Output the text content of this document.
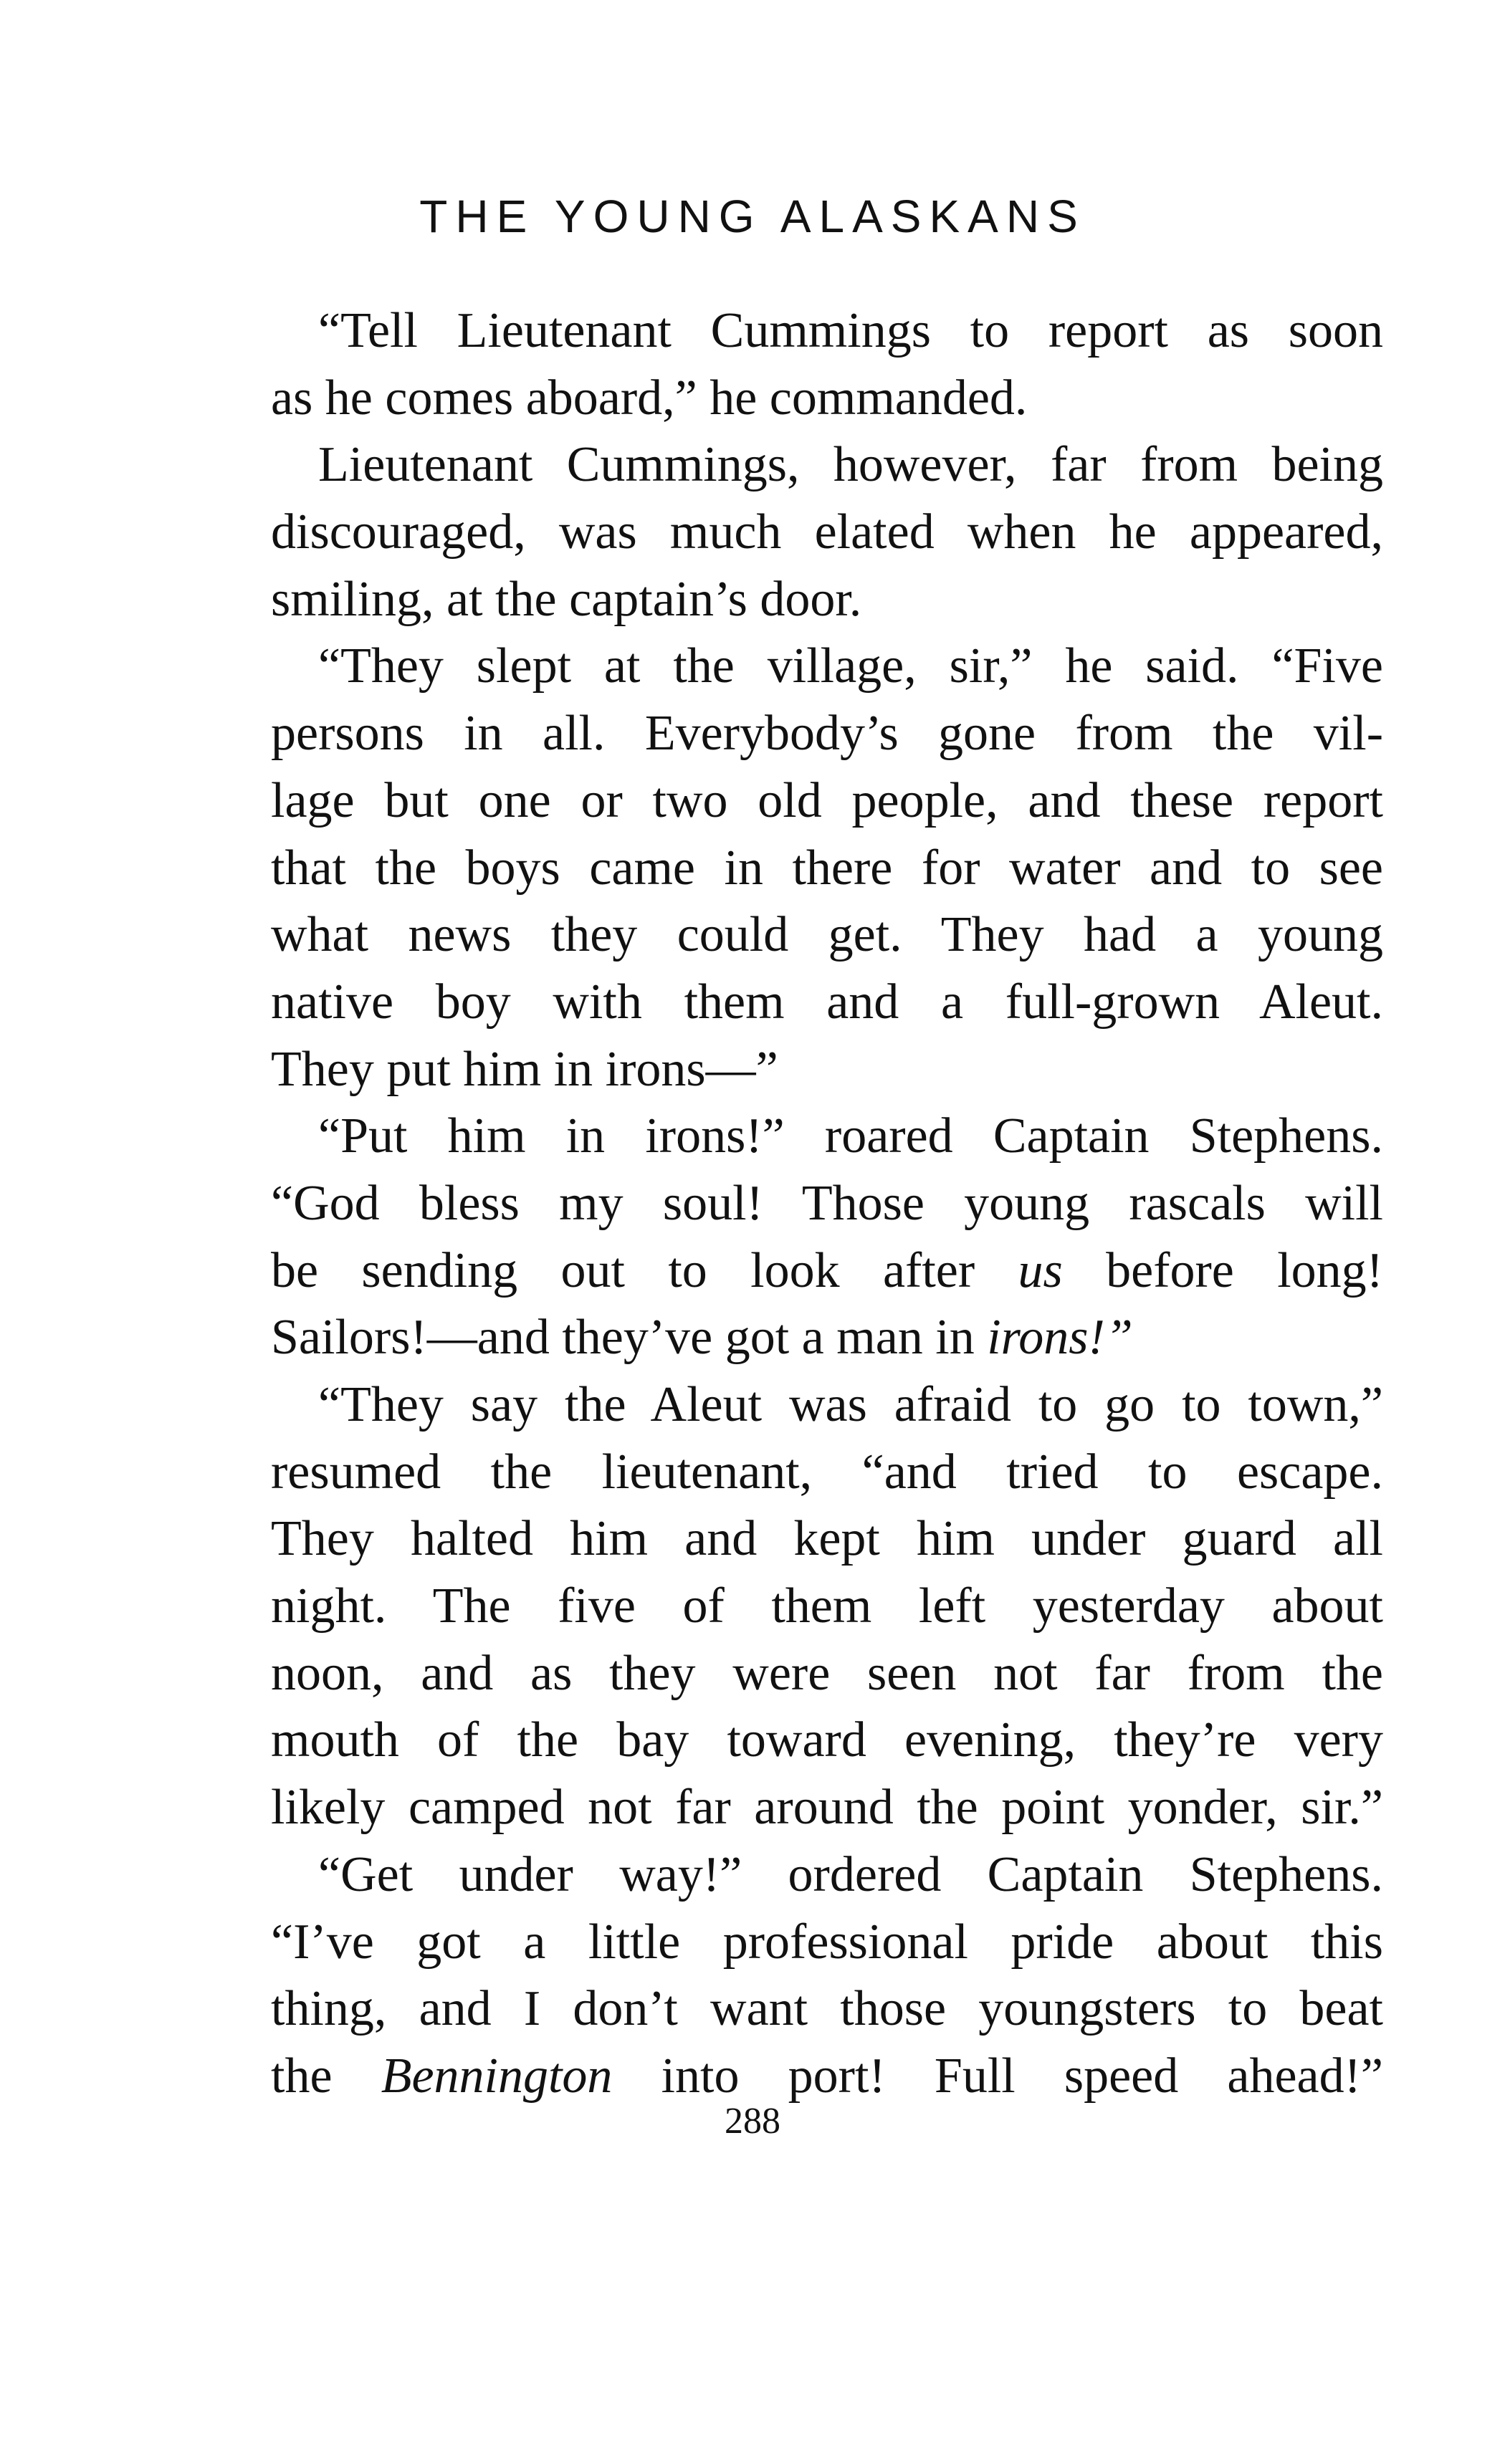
THE YOUNG ALASKANS
“Tell Lieutenant Cummings to report as soon
as he comes aboard,” he commanded.
Lieutenant Cummings, however, far from being
discouraged, was much elated when he appeared,
smiling, at the captain’s door.
“They slept at the village, sir,” he said. “Five
persons in all. Everybody’s gone from the vil-
lage but one or two old people, and these report
that the boys came in there for water and to see
what news they could get. They had a young
native boy with them and a full-grown Aleut.
They put him in irons—”
“Put him in irons!” roared Captain Stephens.
“God bless my soul! Those young rascals will
be sending out to look after us before long!
Sailors!—and they’ve got a man in irons!”
“They say the Aleut was afraid to go to town,”
resumed the lieutenant, “and tried to escape.
They halted him and kept him under guard all
night. The five of them left yesterday about
noon, and as they were seen not far from the
mouth of the bay toward evening, they’re very
likely camped not far around the point yonder, sir.”
“Get under way!” ordered Captain Stephens.
“I’ve got a little professional pride about this
thing, and I don’t want those youngsters to beat
the Bennington into port! Full speed ahead!”
288
